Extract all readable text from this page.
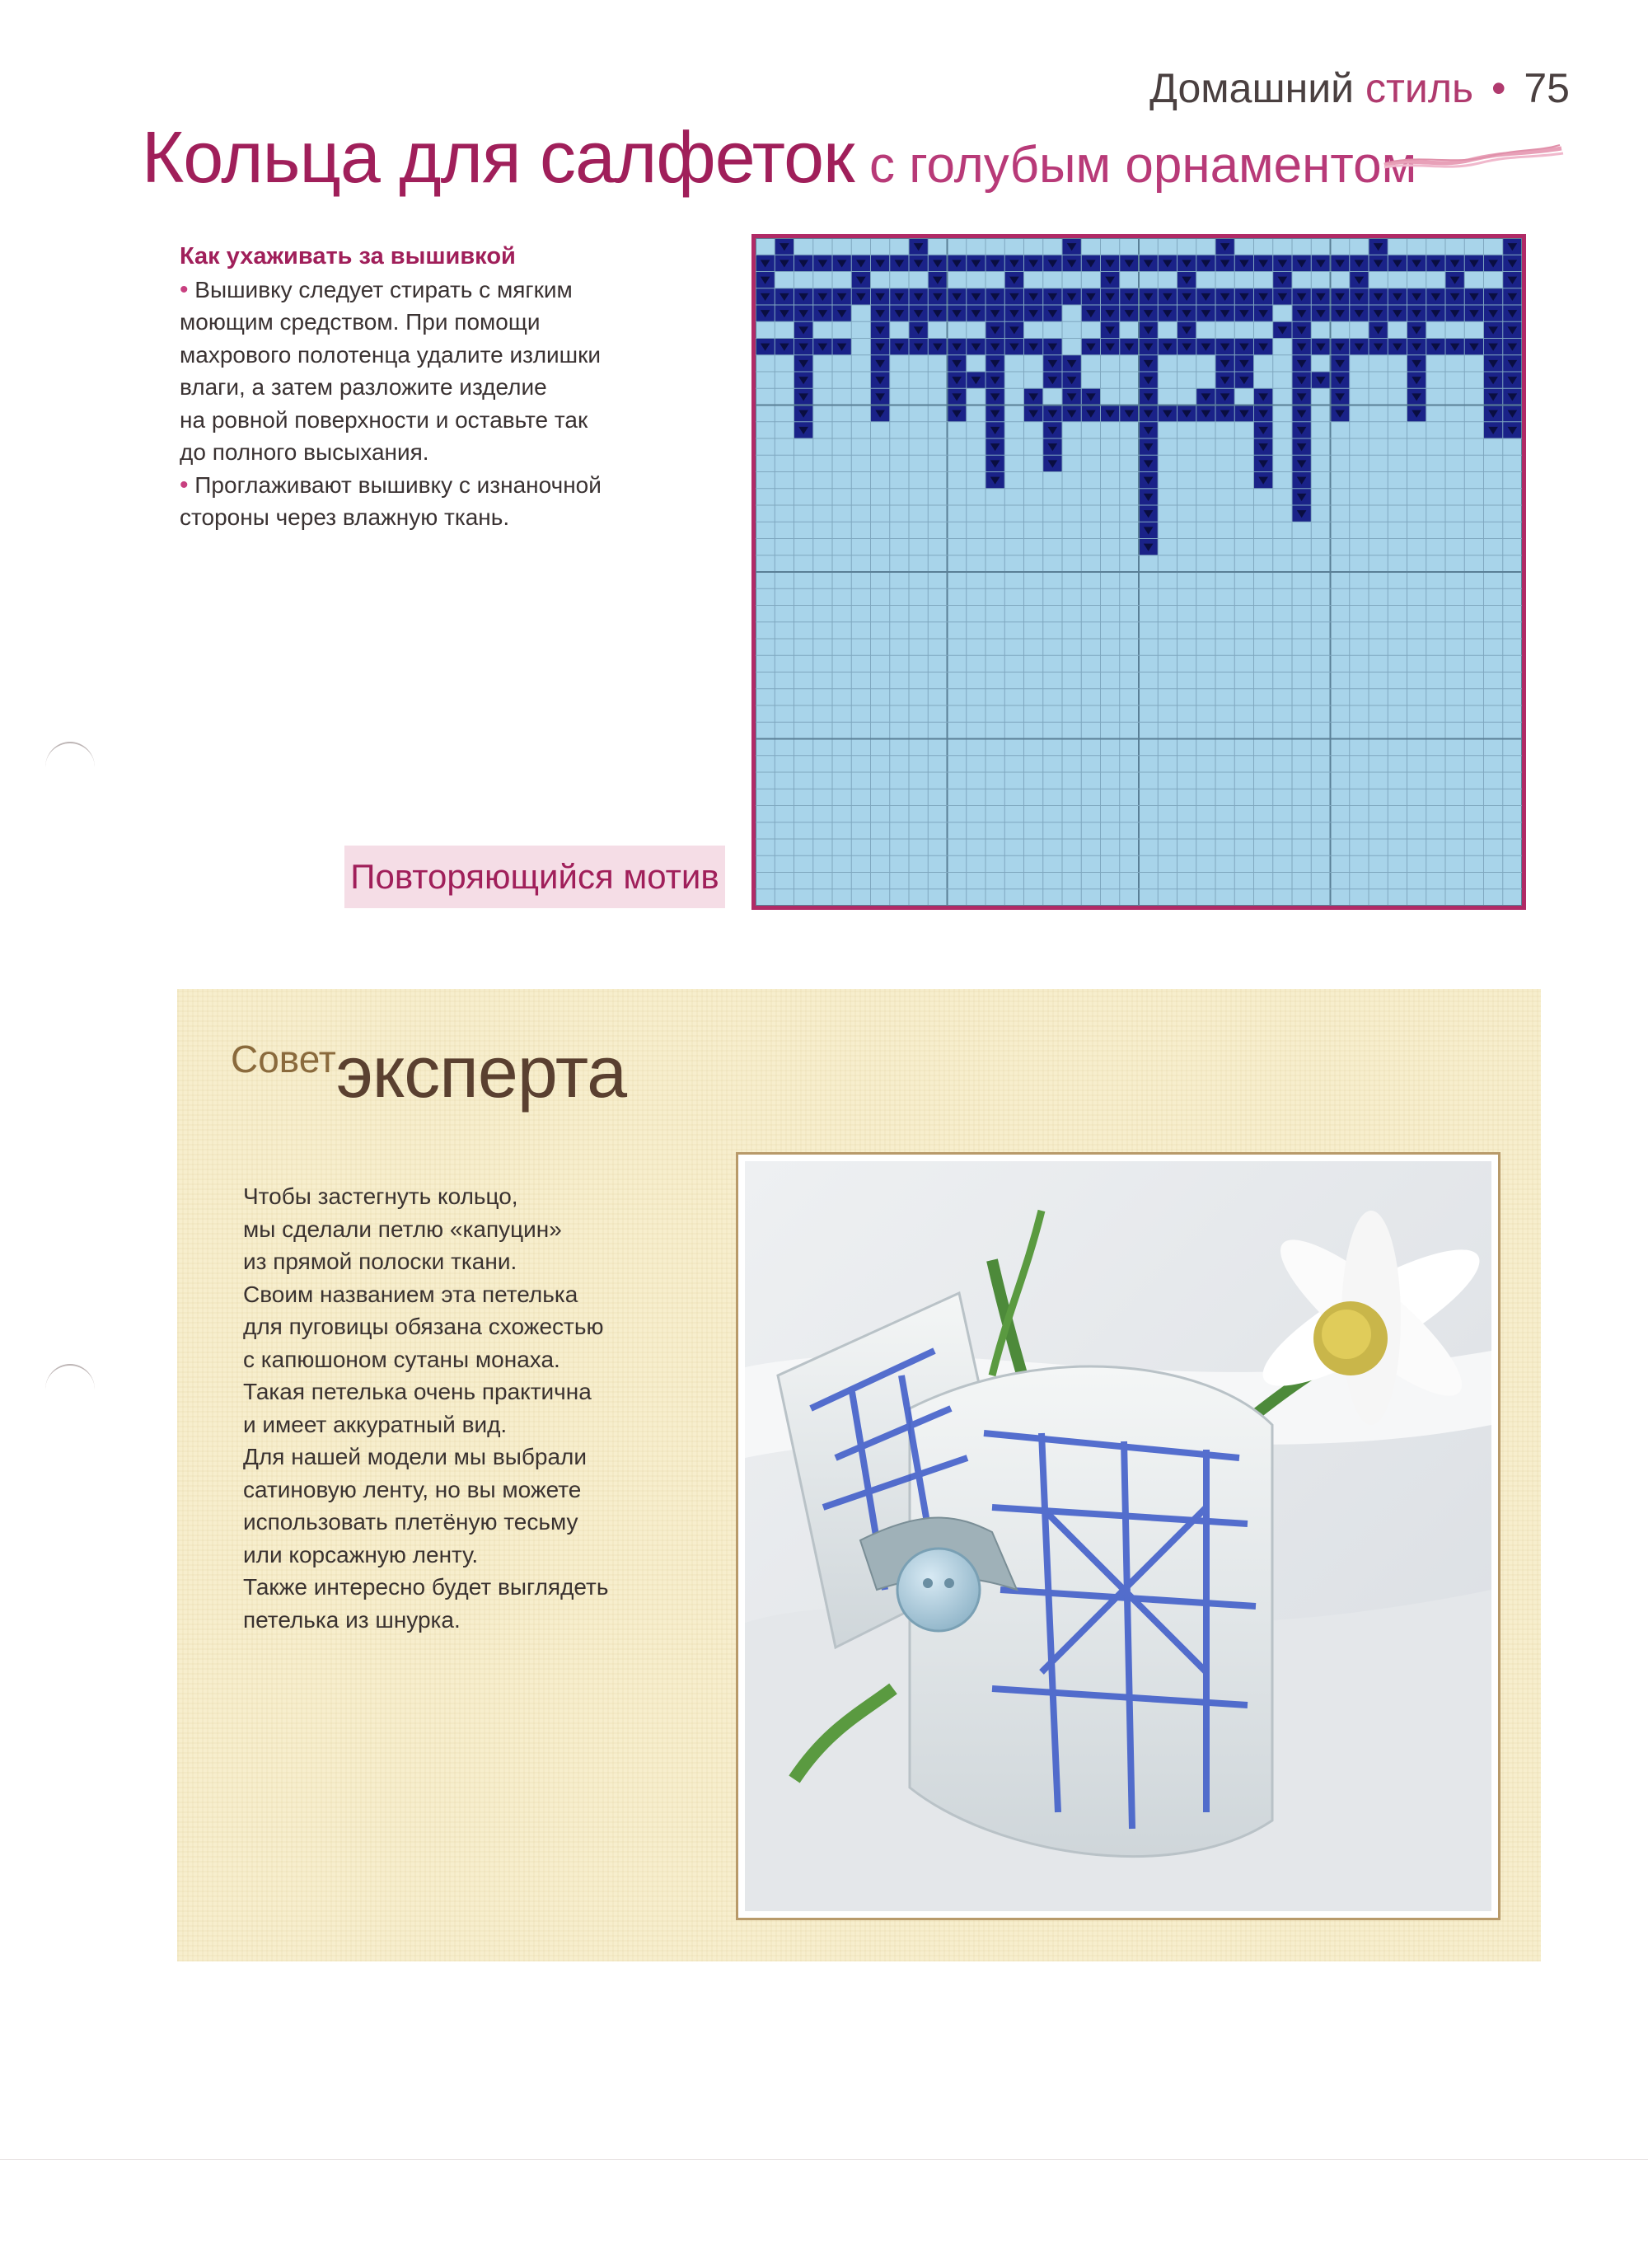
Домашний стиль • 75
Кольца для салфеток с голубым орнаментом
Как ухаживать за вышивкой
• Вышивку следует стирать с мягким
моющим средством. При помощи
махрового полотенца удалите излишки
влаги, а затем разложите изделие
на ровной поверхности и оставьте так
до полного высыхания.
• Проглаживают вышивку с изнаночной
стороны через влажную ткань.
Повторяющийся мотив
Советэксперта
Чтобы застегнуть кольцо,
мы сделали петлю «капуцин»
из прямой полоски ткани.
Своим названием эта петелька
для пуговицы обязана схожестью
с капюшоном сутаны монаха.
Такая петелька очень практична
и имеет аккуратный вид.
Для нашей модели мы выбрали
сатиновую ленту, но вы можете
использовать плетёную тесьму
или корсажную ленту.
Также интересно будет выглядеть
петелька из шнурка.
